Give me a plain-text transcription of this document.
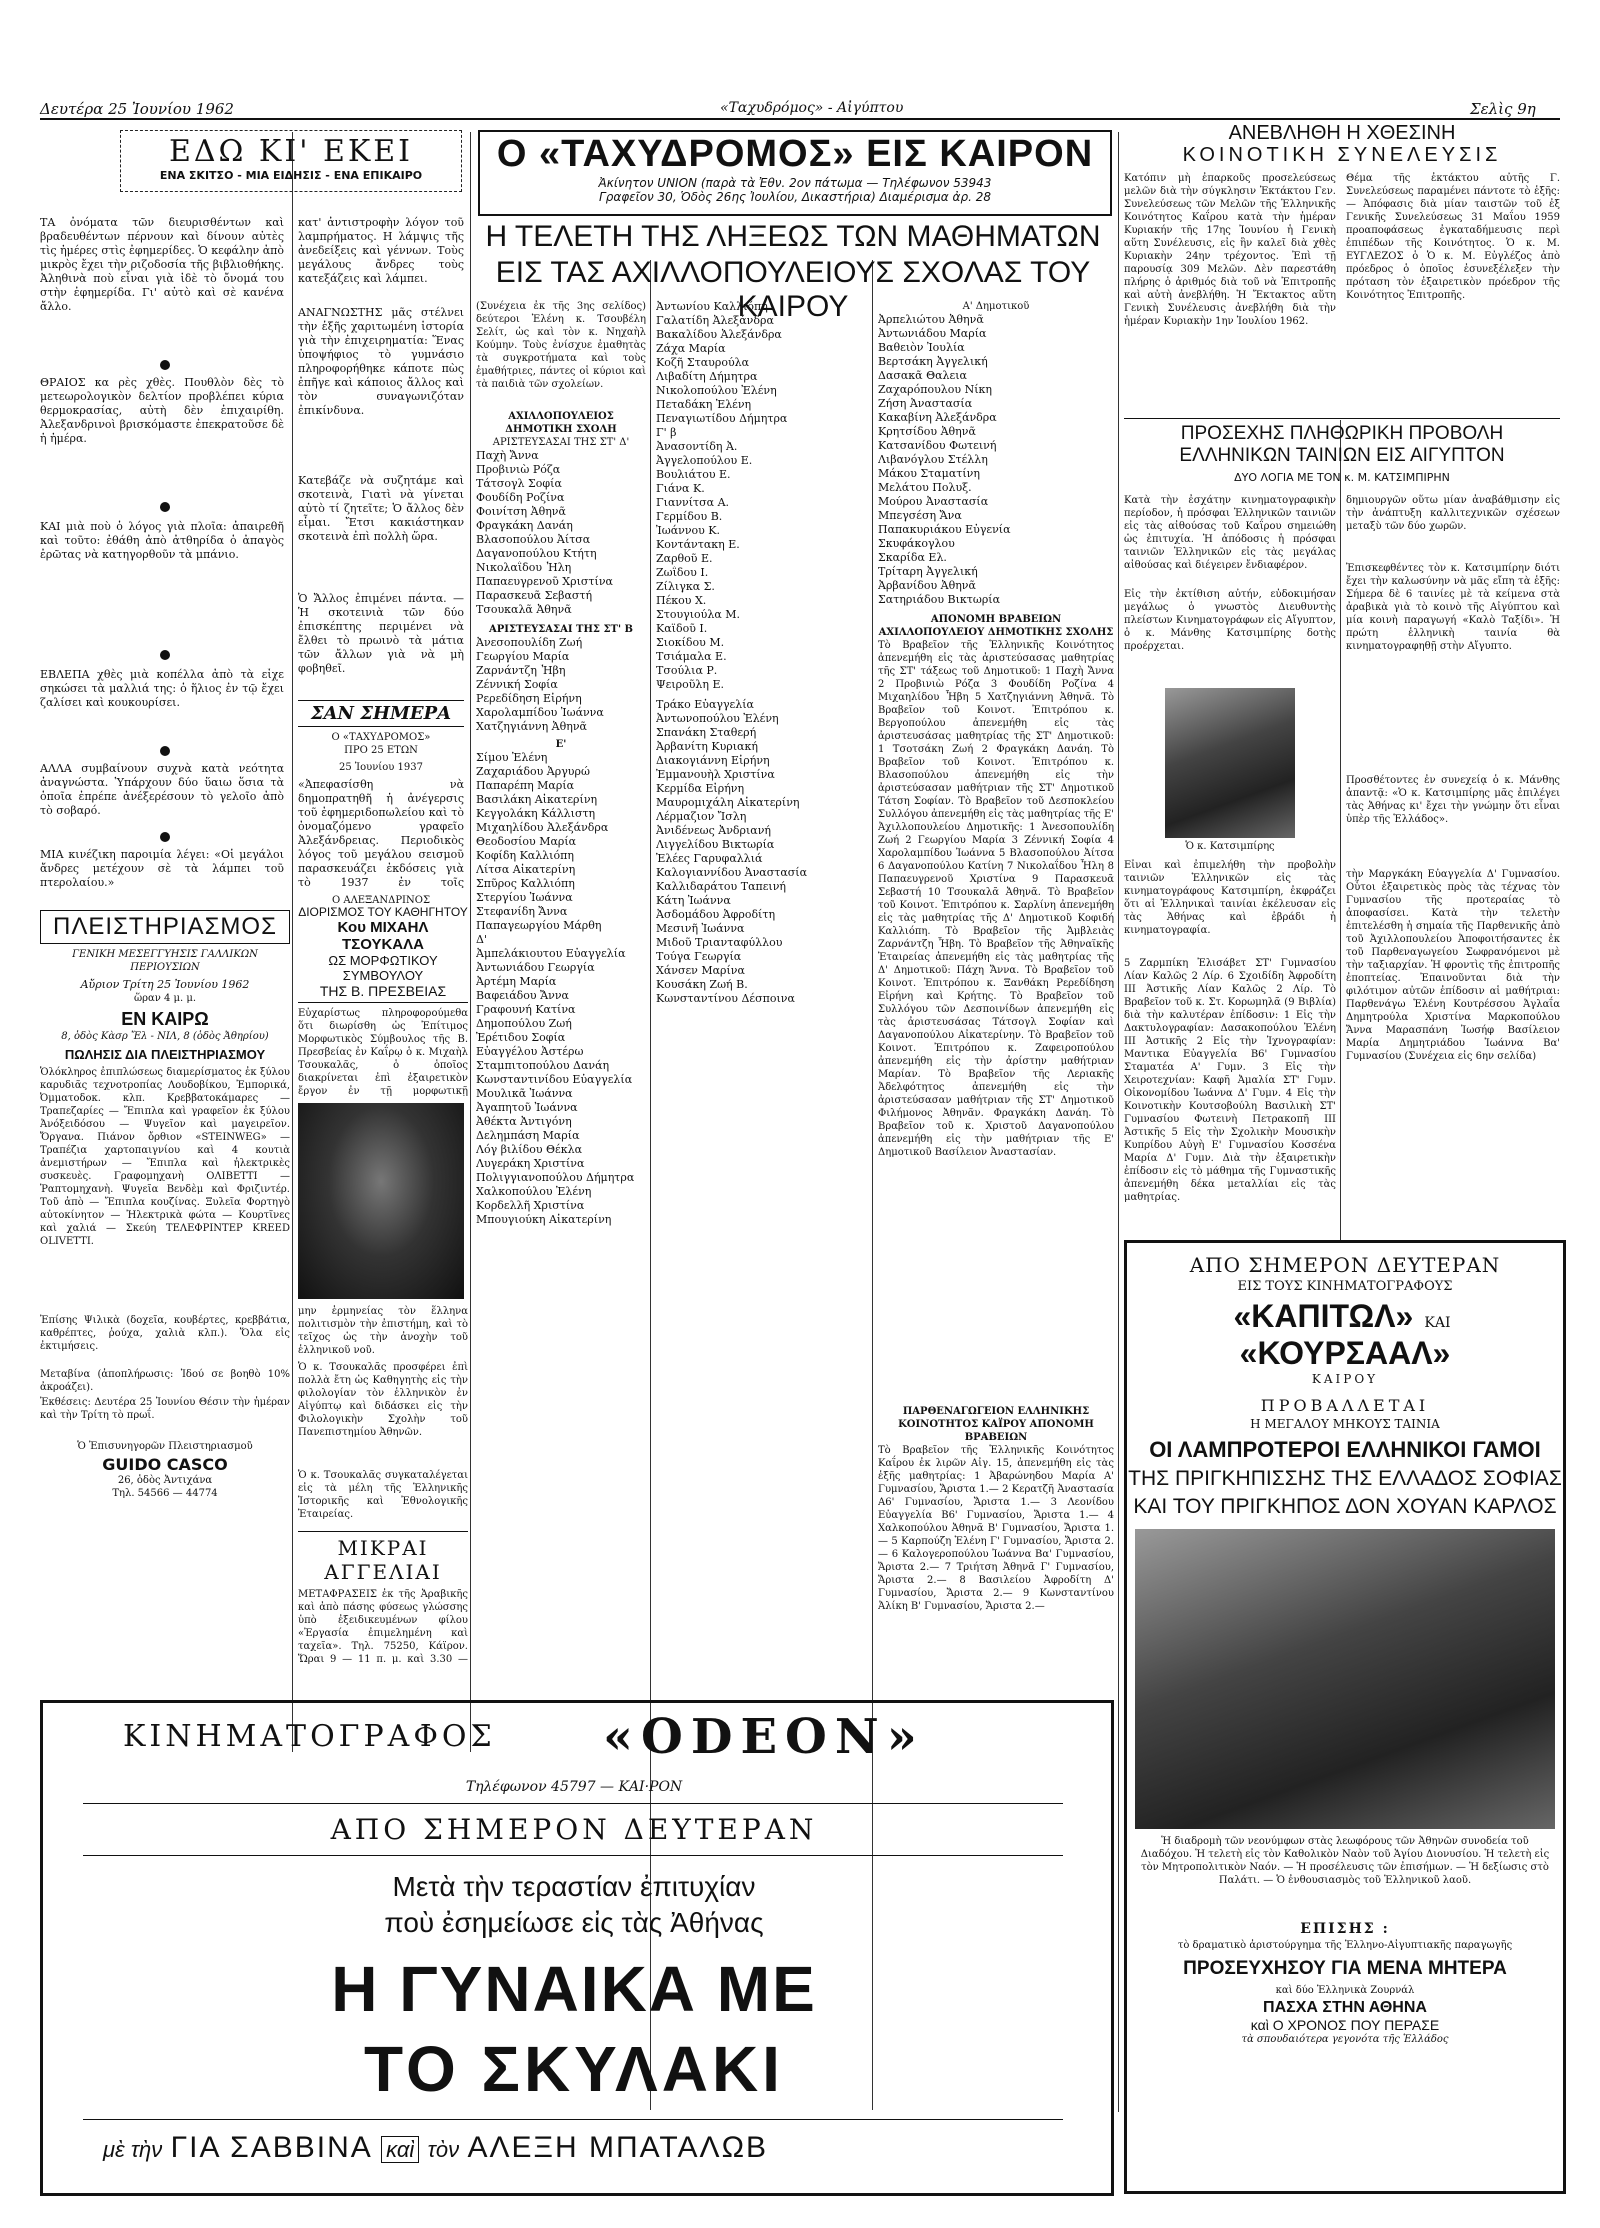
Δευτέρα 25 Ἰουνίου 1962	«Ταχυδρόμος» - Αἰγύπτου	Σελὶς 9η
ΕΔΩ ΚΙ' ΕΚΕΙ
ΕΝΑ ΣΚΙΤΣΟ - ΜΙΑ ΕΙΔΗΣΙΣ - ΕΝΑ ΕΠΙΚΑΙΡΟ
ΤΑ ὀνόματα τῶν διευρισθέντων καὶ βραδευθέντων πέρνουν καὶ δίνουν αὐτὲς τὶς ἡμέρες στὶς ἐφημερίδες. Ὁ κεφάλην ἀπὸ μικρὸς ἔχει τὴν ριζοδοσία τῆς βιβλιοθήκης. Ἀληθινὰ ποὺ εἶναι γιὰ ἰδὲ τὸ ὄνομά του στὴν ἐφημερίδα. Γι' αὐτὸ καὶ σὲ κανένα ἄλλο.
ΘΡΑΙΟΣ κα ρὲς χθὲς. Πουθλὸν δὲς τὸ μετεωρολογικὸν δελτίον προβλέπει κύρια θερμοκρασίας, αὐτὴ δὲν ἐπιχαιρίθη. Ἀλεξανδρινοὶ βρισκόμαστε ἐπεκρατοῦσε δὲ ἡ ἡμέρα.
ΚΑΙ μιὰ ποὺ ὁ λόγος γιὰ πλοῖα: ἀπαιρεθῆ καὶ τοῦτο: ἐθάθη ἀπὸ ἀτθηρίδα ὁ ἀπαγὸς ἐρῶτας νὰ κατηγορθοῦν τὰ μπάνιο.
ΕΒΛΕΠΑ χθὲς μιὰ κοπέλλα ἀπὸ τὰ εἶχε σηκώσει τὰ μαλλιά της: ὁ ἥλιος ἐν τῷ ἔχει ζαλίσει καὶ κουκουρίσει.
ΑΛΛΑ συμβαίνουν συχνὰ κατὰ νεότητα ἀναγνώστα. Ὑπάρχουν δύο ὕαιω ὅσια τὰ ὁποῖα ἐπρέπε ἀνέξερέσουν τὸ γελοῖο ἀπὸ τὸ σοβαρό.
ΜΙΑ κινέζικη παροιμία λέγει: «Οἱ μεγάλοι ἄνδρες μετέχουν σὲ τὰ λάμπει τοῦ πτερολαίου.»
κατ' ἀντιστροφὴν λόγον τοῦ λαμπρήματος. Η λάμψις τῆς ἀνεδείξεις καὶ γέννων. Τοὺς μεγάλους ἄνδρες τοὺς κατεξάζεις καὶ λάμπει.
ΑΝΑΓΝΩΣΤΗΣ μᾶς στέλνει τὴν ἑξῆς χαριτωμένη ἱστορία γιὰ τὴν ἐπιχειρηματία: Ἕνας ὑποψήφιος τὸ γυμνάσιο πληροφορήθηκε κάποτε πὼς ἐπῆγε καὶ κάποιος ἄλλος καὶ τὸν συναγωνιζόταν ἐπικίνδυνα.
Κατεβάζε νὰ συζητάμε καὶ σκοτεινὰ, Γιατὶ νὰ γίνεται αὐτὸ τί ζητεῖτε; Ὁ ἄλλος δὲν εἶμαι. Ἔτσι κακιάστηκαν σκοτεινὰ ἐπὶ πολλὴ ὥρα.
Ὁ Ἄλλος ἐπιμένει πάντα. — Ἡ σκοτεινιὰ τῶν δύο ἐπισκέπτης περιμένει νὰ ἔλθει τὸ πρωινὸ τὰ μάτια τῶν ἄλλων γιὰ νὰ μὴ φοβηθεῖ.
ΣΑΝ ΣΗΜΕΡΑ
Ο «ΤΑΧΥΔΡΟΜΟΣ»
ΠΡΟ 25 ΕΤΩΝ
25 Ἰουνίου 1937
«Ἀπεφασίσθη νὰ δημοπρατηθῆ ἡ ἀνέγερσις τοῦ ἐφημεριδοπωλείου καὶ τὸ ὀνομαζόμενο γραφεῖο Ἀλεξάνδρειας. Περιοδικὸς λόγος τοῦ μεγάλου σεισμοῦ παρασκευάζει ἐκδόσεις γιὰ τὸ 1937 ἐν τοῖς
Ο ΑΛΕΞΑΝΔΡΙΝΟΣ
ΠΛΕΙΣΤΗΡΙΑΣΜΟΣ
ΓΕΝΙΚΗ ΜΕΣΕΓΓΥΗΣΙΣ ΓΑΛΛΙΚΩΝ ΠΕΡΙΟΥΣΙΩΝ
Αὔριον Τρίτη 25 Ἰουνίου 1962
ὥραν 4 μ. μ.
ΕΝ ΚΑΙΡΩ
8, ὁδὸς Κὰσρ Ἔλ - ΝΙΛ, 8 (ὁδὸς Ἀθηρίου)
ΠΩΛΗΣΙΣ ΔΙΑ ΠΛΕΙΣΤΗΡΙΑΣΜΟΥ
Ὁλόκληρος ἐπιπλώσεως διαμερίσματος ἐκ ξύλου καρυδιᾶς τεχνοτροπίας Λουδοβίκου, Ἐμπορικά, Ὀμματοδοκ. κλπ. Κρεββατοκάμαρες — Τραπεζαρίες — Ἔπιπλα καὶ γραφεῖον ἐκ ξύλου Ἀνόξειδόσου — Ψυγεῖον καὶ μαγειρεῖον. Ὄργανα. Πιάνον ὄρθιον «STEINWEG» — Τραπέζια χαρτοπαιγνίου καὶ 4 κουτιὰ ἀνεμιστήρων — Ἔπιπλα καὶ ἠλεκτρικὲς συσκευὲς. Γραφομηχανὴ ΟΛΙΒΕΤΤΙ — Ῥαπτομηχανὴ. Ψυγεῖα Βενδὲμ καὶ Φριζιντέρ. Τοῦ ἀπὸ — Ἔπιπλα κουζίνας. Ξυλεῖα Φορτηγὸ αὐτοκίνητον — Ἠλεκτρικὰ φώτα — Κουρτῖνες καὶ χαλιά — Σκεύη ΤΕΛΕΦΡΙΝΤΕΡ KREED OLIVETTI.
Ἐπίσης Ψιλικὰ (δοχεῖα, κουβέρτες, κρεββάτια, καθρέπτες, ῥούχα, χαλιὰ κλπ.). Ὅλα εἰς ἐκτιμήσεις.
Μεταβίνα (ἀποπλήρωσις: Ἰδού σε βοηθὸ 10% ἀκροάζει).
Ἐκθέσεις: Δευτέρα 25 Ἰουνίου Θέσιν τὴν ἡμέραν καὶ τὴν Τρίτη τὸ πρωΐ.
Ὁ Ἐπισυνηγορῶν Πλειστηριασμοῦ
GUIDO CASCO
26, ὁδὸς Ἀντιχάνα
Τηλ. 54566 — 44774
ΔΙΟΡΙΣΜΟΣ ΤΟΥ ΚΑΘΗΓΗΤΟΥ
Κου ΜΙΧΑΗΛ ΤΣΟΥΚΑΛΑ
ΩΣ ΜΟΡΦΩΤΙΚΟΥ ΣΥΜΒΟΥΛΟΥ
ΤΗΣ Β. ΠΡΕΣΒΕΙΑΣ
Εὐχαρίστως πληροφορούμεθα ὅτι διωρίσθη ὡς Ἐπίτιμος Μορφωτικὸς Σύμβουλος τῆς Β. Πρεσβείας ἐν Καΐρῳ ὁ κ. Μιχαὴλ Τσουκαλᾶς, ὁ ὁποῖος διακρίνεται ἐπὶ ἐξαιρετικὸν ἔργον ἐν τῇ μορφωτικῇ
μην ἑρμηνείας τὸν ἕλληνα πολιτισμὸν τὴν ἐπιστήμη, καὶ τὸ τεῖχος ὡς τὴν ἀνοχὴν τοῦ ἑλληνικοῦ νοῦ.
Ὁ κ. Τσουκαλᾶς προσφέρει ἐπὶ πολλὰ ἔτη ὡς Καθηγητὴς εἰς τὴν φιλολογίαν τὸν ἑλληνικὸν ἐν Αἰγύπτῳ καὶ διδάσκει εἰς τὴν Φιλολογικὴν Σχολὴν τοῦ Πανεπιστημίου Ἀθηνῶν.
Ὁ κ. Τσουκαλᾶς συγκαταλέγεται εἰς τὰ μέλη τῆς Ἑλληνικῆς Ἱστορικῆς καὶ Ἐθνολογικῆς Ἑταιρείας.
ΜΙΚΡΑΙ
ΑΓΓΕΛΙΑΙ
ΜΕΤΑΦΡΑΣΕΙΣ ἐκ τῆς Ἀραβικῆς καὶ ἀπὸ πάσης φύσεως γλώσσης ὑπὸ ἐξειδικευμένων φίλου «Ἐργασία ἐπιμελημένη καὶ ταχεῖα». Τηλ. 75250, Κάϊρον. Ὥραι 9 — 11 π. μ. καὶ 3.30 —
Ο «ΤΑΧΥΔΡΟΜΟΣ» ΕΙΣ ΚΑΙΡΟΝ
Ἀκίνητον UNION (παρὰ τὰ Ἐθν. 2ον πάτωμα — Τηλέφωνον 53943
Γραφεῖον 30, Ὁδὸς 26ης Ἰουλίου, Δικαστήρια) Διαμέρισμα ἀρ. 28
Η ΤΕΛΕΤΗ ΤΗΣ ΛΗΞΕΩΣ ΤΩΝ ΜΑΘΗΜΑΤΩΝ
ΕΙΣ ΤΑΣ ΑΧΙΛΛΟΠΟΥΛΕΙΟΥΣ ΣΧΟΛΑΣ ΤΟΥ ΚΑΙΡΟΥ
(Συνέχεια ἐκ τῆς 3ης σελίδος) δεύτεροι Ἐλένη κ. Τσουβέλη Σελίτ, ὡς καὶ τὸν κ. Νηχαὴλ Κούμην. Τοὺς ἐνίσχυε ἐμαθητὰς τὰ συγκροτήματα καὶ τοὺς ἐμαθήτριες, πάντες οἱ κύριοι καὶ τὰ παιδιὰ τῶν σχολείων.
ΑΧΙΛΛΟΠΟΥΛΕΙΟΣ ΔΗΜΟΤΙΚΗ ΣΧΟΛΗ
ΑΡΙΣΤΕΥΣΑΣΑΙ ΤΗΣ ΣΤ' Δ'
Παχὴ Ἄννα
Προβινιὼ Ρόζα
Τάτσογλ Σοφία
Φουδίδη Ροζίνα
Φοινίτση Ἀθηνᾶ
Φραγκάκη Δανάη
Βλασοπούλου Ἀίτσα
Δαγανοπούλου Κτήτη
Νικολαΐδου Ἦλη
Παπαευγρενοῦ Χριστίνα
Παρασκευᾶ Σεβαστή
Τσουκαλᾶ Ἀθηνᾶ
ΑΡΙΣΤΕΥΣΑΣΑΙ ΤΗΣ ΣΤ' Β
Ἀνεσοπουλίδη Ζωή
Γεωργίου Μαρία
Ζαρνάντζη Ἦβη
Ζέννική Σοφία
Ρερεδίδηση Εἰρήνη
Χαρολαμπίδου Ἰωάννα
Χατζηγιάννη Ἀθηνᾶ
Ε'
Σίμου Ἐλένη
Ζαχαριάδου Ἀργυρώ
Παπαρέπη Μαρία
Βασιλάκη Αἰκατερίνη
Κεγγολάκη Κάλλιστη
Μιχαηλίδου Ἀλεξάνδρα
Θεοδοσίου Μαρία
Κοφίδη Καλλιόπη
Λίτσα Αἰκατερίνη
Σπῦρος Καλλιόπη
Στεργίου Ἰωάννα
Στεφανίδη Ἄννα
Παπαγεωργίου Μάρθη
Δ'
Ἀμπελάκιουτου Εὐαγγελία
Ἀντωνιάδου Γεωργία
Ἀρτέμη Μαρία
Βαφειάδου Ἄννα
Γραφουνή Κατίνα
Δημοπούλου Ζωή
Ἐρέτιδου Σοφία
Εὐαγγέλου Ἀστέρω
Σταμπιτοπούλου Δανάη
Κωνσταντινίδου Εὐαγγελία
Μουλικᾶ Ἰωάννα
Ἀγαπητοῦ Ἰωάννα
Ἀθέκτα Ἀντιγόνη
Δελημπάση Μαρία
Λόγ βιλίδου Θέκλα
Λυγεράκη Χριστίνα
Πολιγγιανοπούλου Δήμητρα
Χαλκοπούλου Ἐλένη
Κορδελλῆ Χριστίνα
Μπουγιούκη Αἰκατερίνη
Ἀντωνίου Καλλιόπη
Γαλατίδη Ἀλεξάνδρα
Βακαλίδου Ἀλεξάνδρα
Ζάχα Μαρία
Κοζῆ Σταυρούλα
Λιβαδίτη Δήμητρα
Νικολοπούλου Ἐλένη
Πεταδάκη Ἐλένη
Πεναγιωτίδου Δήμητρα
Γ' β
Ἀνασοντίδη Ἀ.
Ἀγγελοπούλου Ε.
Βουλιάτου Ε.
Γιάνα Κ.
Γιαννίτσα Α.
Γερμίδου Β.
Ἰωάννου Κ.
Κοντάντακη Ε.
Ζαρθοῦ Ε.
Ζωΐδου Ι.
Ζίλιγκα Σ.
Πέκου Χ.
Στουγιούλα Μ.
Καϊδοῦ Ι.
Σιοκίδου Μ.
Τσιάμαλα Ε.
Τσούλια Ρ.
Ψειροῦλη Ε.
Τράκο Εὐαγγελία
Ἀντωνοπούλου Ἐλένη
Σπανάκη Σταθερή
Ἀρβανίτη Κυριακή
Διακογιάννη Εἰρήνη
Ἐμμανουὴλ Χριστίνα
Κερμίδα Εἰρήνη
Μαυρομιχάλη Αἰκατερίνη
Λέρμαζιον Ἴσλη
Ἀνιδένεως Ἀνδριανή
Λιγγελίδου Βικτωρία
Ἐλέες Γαρυφαλλιά
Καλογιαννίδου Ἀναστασία
Καλλιδαράτου Ταπεινή
Κάτη Ἰωάννα
Ἀσδομάδου Ἀφροδίτη
Μεσινῆ Ἰωάννα
Μιδοῦ Τριανταφύλλου
Τούγα Γεωργία
Χάνσεν Μαρίνα
Κουσάκη Ζωή Β.
Κωνσταντίνου Δέσποινα
Α' Δημοτικοῦ
Ἀρπελιώτου Ἀθηνᾶ
Ἀντωνιάδου Μαρία
Βαθειὸν Ἰουλία
Βερτσάκη Ἀγγελική
Δασακᾶ Θαλεια
Ζαχαρόπουλου Νίκη
Ζήση Ἀναστασία
Κακαβίνη Ἀλεξάνδρα
Κρητσίδου Ἀθηνᾶ
Κατσανίδου Φωτεινή
Λιβανόγλου Στέλλη
Μάκου Σταματίνη
Μελάτου Πολυξ.
Μούρου Ἀναστασία
Μπεγσέση Ἄνα
Παπακυριάκου Εὐγενία
Σκυφάκογλου
Σκαρίδα Ελ.
Τρίταρη Ἀγγελική
Ἀρβανίδου Ἀθηνᾶ
Σατηριάδου Βικτωρία
ΑΠΟΝΟΜΗ ΒΡΑΒΕΙΩΝ ΑΧΙΛΛΟΠΟΥΛΕΙΟΥ ΔΗΜΟΤΙΚΗΣ ΣΧΟΛΗΣ
Τὸ Βραβεῖον τῆς Ἑλληνικῆς Κοινότητος ἀπενεμήθη εἰς τὰς ἀριστεύσασας μαθητρίας τῆς ΣΤ' τάξεως τοῦ Δημοτικοῦ: 1 Παχὴ Ἄννα 2 Προβινιὼ Ρόζα 3 Φουδίδη Ροζίνα 4 Μιχαηλίδου Ἦβη 5 Χατζηγιάννη Ἀθηνᾶ. Τὸ Βραβεῖον τοῦ Κοινοτ. Ἐπιτρόπου κ. Βεργοπούλου ἀπενεμήθη εἰς τὰς ἀριστευσάσας μαθητρίας τῆς ΣΤ' Δημοτικοῦ: 1 Τσοτσάκη Ζωή 2 Φραγκάκη Δανάη. Τὸ Βραβεῖον τοῦ Κοινοτ. Ἐπιτρόπου κ. Βλασοπούλου ἀπενεμήθη εἰς τὴν ἀριστεύσασαν μαθήτριαν τῆς ΣΤ' Δημοτικοῦ Τάτση Σοφίαν. Τὸ Βραβεῖον τοῦ Δεσποκλείου Συλλόγου ἀπενεμήθη εἰς τὰς μαθητρίας τῆς Ε' Ἀχιλλοπουλείου Δημοτικῆς: 1 Ἀνεσοπουλίδη Ζωή 2 Γεωργίου Μαρία 3 Ζέννική Σοφία 4 Χαρολαμπίδου Ἰωάννα 5 Βλασοπούλου Ἀίτσα 6 Δαγανοπούλου Κατίνη 7 Νικολαΐδου Ἦλη 8 Παπαευγρενοῦ Χριστίνα 9 Παρασκευᾶ Σεβαστή 10 Τσουκαλᾶ Ἀθηνᾶ. Τὸ Βραβεῖον τοῦ Κοινοτ. Ἐπιτρόπου κ. Σαρλίνη ἀπενεμήθη εἰς τὰς μαθητρίας τῆς Δ' Δημοτικοῦ Κοφιδή Καλλιόπη. Τὸ Βραβεῖον τῆς Ἀμβλειὰς Ζαρνάντζη Ἦβη. Τὸ Βραβεῖον τῆς Ἀθηναϊκῆς Ἑταιρείας ἀπενεμήθη εἰς τὰς μαθητρίας τῆς Δ' Δημοτικοῦ: Πάχη Ἄννα. Τὸ Βραβεῖον τοῦ Κοινοτ. Ἐπιτρόπου κ. Ξανθάκη Ρερεδίδηση Εἰρήνη καὶ Κρήτης. Τὸ Βραβεῖον τοῦ Συλλόγου τῶν Δεσποινίδων ἀπενεμήθη εἰς τὰς ἀριστευσάσας Τάτσογλ Σοφίαν καὶ Δαγανοπούλου Αἰκατερίνην. Τὸ Βραβεῖον τοῦ Κοινοτ. Ἐπιτρόπου κ. Ζαφειροπούλου ἀπενεμήθη εἰς τὴν ἀρίστην μαθήτριαν Μαρίαν. Τὸ Βραβεῖον τῆς Λεριακῆς Ἀδελφότητος ἀπενεμήθη εἰς τὴν ἀριστεύσασαν μαθήτριαν τῆς ΣΤ' Δημοτικοῦ Φιλήμονος Ἀθηνᾶν. Φραγκάκη Δανάη. Τὸ Βραβεῖον τοῦ κ. Χριστοῦ Δαγανοπούλου ἀπενεμήθη εἰς τὴν μαθήτριαν τῆς Ε' Δημοτικοῦ Βασίλειον Ἀναστασίαν.
ΠΑΡΘΕΝΑΓΩΓΕΙΟΝ ΕΛΛΗΝΙΚΗΣ ΚΟΙΝΟΤΗΤΟΣ ΚΑΪΡΟΥ ΑΠΟΝΟΜΗ ΒΡΑΒΕΙΩΝ
Τὸ Βραβεῖον τῆς Ἑλληνικῆς Κοινότητος Καΐρου ἐκ λιρῶν Αἰγ. 15, ἀπενεμήθη εἰς τὰς ἑξῆς μαθητρίας: 1 Ἀβαρώνηδου Μαρία Α' Γυμνασίου, Ἄριστα 1.— 2 Κερατζῆ Ἀναστασία Α6' Γυμνασίου, Ἄριστα 1.— 3 Λεονίδου Εὐαγγελία Β6' Γυμνασίου, Ἄριστα 1.— 4 Χαλκοπούλου Ἀθηνᾶ Β' Γυμνασίου, Ἄριστα 1.— 5 Καρπούζη Ἑλένη Γ' Γυμνασίου, Ἄριστα 2.— 6 Καλογεροπούλου Ἰωάννα Βα' Γυμνασίου, Ἄριστα 2.— 7 Τριήτση Ἀθηνᾶ Γ' Γυμνασίου, Ἄριστα 2.— 8 Βασιλείου Ἀφροδίτη Δ' Γυμνασίου, Ἄριστα 2.— 9 Κωνσταντίνου Ἀλίκη Β' Γυμνασίου, Ἄριστα 2.—
ΑΝΕΒΛΗΘΗ Η ΧΘΕΣΙΝΗ
ΚΟΙΝΟΤΙΚΗ ΣΥΝΕΛΕΥΣΙΣ
Κατόπιν μὴ ἐπαρκοῦς προσελεύσεως μελῶν διὰ τὴν σύγκλησιν Ἐκτάκτου Γεν. Συνελεύσεως τῶν Μελῶν τῆς Ἑλληνικῆς Κοινότητος Καΐρου κατὰ τὴν ἡμέραν Κυριακήν τῆς 17ης Ἰουνίου ἡ Γενικὴ αὕτη Συνέλευσις, εἰς ἣν καλεῖ διὰ χθὲς Κυριακὴν 24ην τρέχοντος. Ἐπὶ τῇ παρουσίᾳ 309 Μελῶν. Δὲν παρεστάθη πλήρης ὁ ἀριθμός διὰ τοῦ νὰ Ἐπιτροπῆς καὶ αὐτὴ ἀνεβλήθη. Ἡ Ἔκτακτος αὕτη Γενικὴ Συνέλευσις ἀνεβλήθη διὰ τὴν ἡμέραν Κυριακὴν 1ην Ἰουλίου 1962.
Θέμα τῆς ἐκτάκτου αὐτῆς Γ. Συνελεύσεως παραμένει πάντοτε τὸ ἑξῆς: — Ἀπόφασις διὰ μίαν ταιστῶν τοῦ ἐξ Γενικῆς Συνελεύσεως 31 Μαΐου 1959 προαποφάσεως ἐγκαταδήμευσις περὶ ἐπιπέδων τῆς Κοινότητος. Ὁ κ. Μ. ΕΥΓΛΕΖΟΣ ὁ Ὁ κ. Μ. Εὐγλέζος ἀπὸ πρόεδρος ὁ ὁποῖος ἐσυνεξέλεξεν τὴν πρόταση τὸν ἐξαιρετικὸν πρόεδρον τῆς Κοινότητος Ἐπιτροπῆς.
ΠΡΟΣΕΧΗΣ ΠΛΗΘΩΡΙΚΗ ΠΡΟΒΟΛΗ
ΕΛΛΗΝΙΚΩΝ ΤΑΙΝΙΩΝ ΕΙΣ ΑΙΓΥΠΤΟΝ
ΔΥΟ ΛΟΓΙΑ ΜΕ ΤΟΝ κ. Μ. ΚΑΤΣΙΜΠΙΡΗΝ
Κατὰ τὴν ἐσχάτην κινηματογραφικὴν περίοδον, ἡ πρόσφαι Ἑλληνικῶν ταινιῶν εἰς τὰς αἰθούσας τοῦ Καΐρου σημειώθη ὡς ἐπιτυχία. Ἡ ἀπόδοσις ἡ πρόσφαι ταινιῶν Ἑλληνικῶν εἰς τὰς μεγάλας αἰθούσας καὶ διέγειρεν ἔνδιαφέρον.
Εἰς τὴν ἐκτίθιση αὐτήν, εὐδοκιμήσαν μεγάλως ὁ γνωστὸς Διευθυντὴς πλείστων Κινηματογράφων εἰς Αἴγυπτον, ὁ κ. Μάνθης Κατσιμπίρης δοτὴς προέρχεται.
Ὁ κ. Κατσιμπίρης
Εἶναι καὶ ἐπιμελήθη τὴν προβολὴν ταινιῶν Ἑλληνικῶν εἰς τὰς κινηματογράφους Κατσιμπίρη, ἐκφράζει ὅτι αἱ Ἑλληνικαὶ ταινίαι ἐκέλευσαν εἰς τὰς Ἀθήνας καὶ ἐβράδι ἡ κινηματογραφία.
5 Ζαρμπίκη Ἐλισάβετ ΣΤ' Γυμνασίου Λίαν Καλῶς 2 Λίρ. 6 Σχοιδίδη Ἀφροδίτη ΙΙΙ Ἀστικῆς Λίαν Καλῶς 2 Λίρ. Τὸ Βραβεῖον τοῦ κ. Στ. Κορωμηλᾶ (9 Βιβλία) διὰ τὴν καλυτέραν ἐπίδοσιν: 1 Εἰς τὴν Δακτυλογραφίαν: Δασακοπούλου Ἑλένη ΙΙΙ Ἀστικῆς 2 Εἰς τὴν Ἰχνογραφίαν: Μαντικα Εὐαγγελία Β6' Γυμνασίου Σταματέα Α' Γυμν. 3 Εἰς τὴν Χειροτεχνίαν: Καφῆ Ἀμαλία ΣΤ' Γυμν. Οἰκονομίδου Ἰωάννα Δ' Γυμν. 4 Εἰς τὴν Κοινοτικὴν Κουτσοβούλη Βασιλικὴ ΣΤ' Γυμνασίου Φωτεινὴ Πετρακοπῆ ΙΙΙ Ἀστικῆς 5 Εἰς τὴν Σχολικὴν Μουσικὴν Κυπρίδου Αὐγὴ Ε' Γυμνασίου Κοσσένα Μαρία Δ' Γυμν. Διὰ τὴν ἐξαιρετικὴν ἐπίδοσιν εἰς τὸ μάθημα τῆς Γυμναστικῆς ἀπενεμήθη δέκα μεταλλίαι εἰς τὰς μαθητρίας.
δημιουργῶν οὕτω μίαν ἀναβάθμισην εἰς τὴν ἀνάπτυξη καλλιτεχνικῶν σχέσεων μεταξὺ τῶν δύο χωρῶν.
Ἐπισκεφθέντες τὸν κ. Κατσιμπίρην διότι ἔχει τὴν καλωσύνην νὰ μᾶς εἴπη τὰ ἑξῆς: Σήμερα δὲ 6 ταινίες μὲ τὰ κείμενα στὰ ἀραβικὰ γιὰ τὸ κοινὸ τῆς Αἰγύπτου καὶ μία κοινὴ παραγωγή «Καλὸ Ταξίδι». Ἡ πρώτη ἑλληνικὴ ταινία θὰ κινηματογραφηθῇ στὴν Αἴγυπτο.
Προσθέτοντες ἐν συνεχείᾳ ὁ κ. Μάνθης ἀπαντᾷ: «Ὁ κ. Κατσιμπίρης μᾶς ἐπιλέγει τὰς Ἀθήνας κι' ἔχει τὴν γνώμην ὅτι εἶναι ὑπὲρ τῆς Ἑλλάδος».
τὴν Μαργκάκη Εὐαγγελία Δ' Γυμνασίου. Οὗτοι ἐξαιρετικὸς πρὸς τὰς τέχνας τὸν Γυμνασίου τῆς προτεραίας τὸ ἀποφασίσει. Κατὰ τὴν τελετὴν ἐπιτελέσθη ἡ σημαία τῆς Παρθενικῆς ἀπὸ τοῦ Ἀχιλλοπουλείου Ἀποφοιτήσαντες ἐκ τοῦ Παρθεναγωγείου Σωφρανόμενοι μὲ τὴν ταξιαρχίαν. Ἡ φροντὶς τῆς ἐπιτροπῆς ἐποπτείας. Ἐπαινοῦνται διὰ τὴν φιλότιμον αὐτῶν ἐπίδοσιν αἱ μαθήτριαι: Παρθενάγω Ἑλένη Κουτρέσσου Ἀγλαΐα Δημητρούλα Χριστίνα Μαρκοπούλου Ἄννα Μαρασπάνη Ἰωσήφ Βασίλειον Μαρία Δημητριάδου Ἰωάννα Βα' Γυμνασίου (Συνέχεια εἰς 6ην σελίδα)
ΚΙΝΗΜΑΤΟΓΡΑΦΟΣ «ODEON»
Τηλέφωνον 45797 — ΚΑΙ·ΡΟΝ
ΑΠΟ ΣΗΜΕΡΟΝ ΔΕΥΤΕΡΑΝ
Μετὰ τὴν τεραστίαν ἐπιτυχίαν
ποὺ ἐσημείωσε εἰς τὰς Ἀθήνας
Η ΓΥΝΑΙΚΑ ΜΕ
ΤΟ ΣΚΥΛΑΚΙ
μὲ τὴν ΓΙΑ ΣΑΒΒΙΝΑ καὶ τὸν ΑΛΕΞΗ ΜΠΑΤΑΛΩΒ
ΑΠΟ ΣΗΜΕΡΟΝ ΔΕΥΤΕΡΑΝ
ΕΙΣ ΤΟΥΣ ΚΙΝΗΜΑΤΟΓΡΑΦΟΥΣ
«ΚΑΠΙΤΩΛ» ΚΑΙ «ΚΟΥΡΣΑΑΛ»
ΚΑΙΡΟΥ
ΠΡΟΒΑΛΛΕΤΑΙ
Η ΜΕΓΑΛΟΥ ΜΗΚΟΥΣ ΤΑΙΝΙΑ
ΟΙ ΛΑΜΠΡΟΤΕΡΟΙ ΕΛΛΗΝΙΚΟΙ ΓΑΜΟΙ
ΤΗΣ ΠΡΙΓΚΗΠΙΣΣΗΣ ΤΗΣ ΕΛΛΑΔΟΣ ΣΟΦΙΑΣ
ΚΑΙ ΤΟΥ ΠΡΙΓΚΗΠΟΣ ΔΟΝ ΧΟΥΑΝ ΚΑΡΛΟΣ
Ἡ διαδρομὴ τῶν νεονύμφων στὰς λεωφόρους τῶν Ἀθηνῶν συνοδεία τοῦ Διαδόχου. Ἡ τελετὴ εἰς τὸν Καθολικὸν Ναὸν τοῦ Ἁγίου Διονυσίου. Ἡ τελετὴ εἰς τὸν Μητροπολιτικὸν Ναόν. — Ἡ προσέλευσις τῶν ἐπισήμων. — Ἡ δεξίωσις στὸ Παλάτι. — Ὁ ἐνθουσιασμὸς τοῦ Ἑλληνικοῦ λαοῦ.
ΕΠΙΣΗΣ :
τὸ δραματικὸ ἀριστούργημα τῆς Ἑλληνο-Αἰγυπτιακῆς παραγωγῆς
ΠΡΟΣΕΥΧΗΣΟΥ ΓΙΑ ΜΕΝΑ ΜΗΤΕΡΑ
καὶ δύο Ἑλληνικὰ Ζουρνάλ
ΠΑΣΧΑ ΣΤΗΝ ΑΘΗΝΑ
καὶ Ο ΧΡΟΝΟΣ ΠΟΥ ΠΕΡΑΣΕ
τὰ σπουδαιότερα γεγονότα τῆς Ἑλλάδος
